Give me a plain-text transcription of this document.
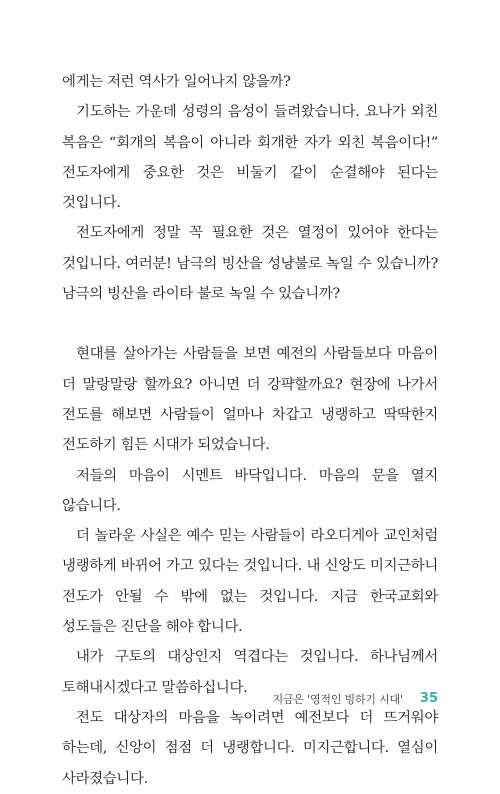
에게는 저런 역사가 일어나지 않을까?

기도하는 가운데 성령의 음성이 들려왔습니다. 요나가 외친 복음은 “회개의 복음이 아니라 회개한 자가 외친 복음이다!” 전도자에게 중요한 것은 비둘기 같이 순결해야 된다는 것입니다.

전도자에게 정말 꼭 필요한 것은 열정이 있어야 한다는 것입니다. 여러분! 남극의 빙산을 성냥불로 녹일 수 있습니까? 남극의 빙산을 라이타 불로 녹일 수 있습니까?

현대를 살아가는 사람들을 보면 예전의 사람들보다 마음이 더 말랑말랑 할까요? 아니면 더 강퍅할까요? 현장에 나가서 전도를 해보면 사람들이 얼마나 차갑고 냉랭하고 딱딱한지 전도하기 힘든 시대가 되었습니다.

저들의 마음이 시멘트 바닥입니다. 마음의 문을 열지 않습니다.

더 놀라운 사실은 예수 믿는 사람들이 라오디게아 교인처럼 냉랭하게 바뀌어 가고 있다는 것입니다. 내 신앙도 미지근하니 전도가 안될 수 밖에 없는 것입니다. 지금 한국교회와 성도들은 진단을 해야 합니다.

내가 구토의 대상인지 역겹다는 것입니다. 하나님께서 토해내시겠다고 말씀하십니다.

전도 대상자의 마음을 녹이려면 예전보다 더 뜨거워야 하는데, 신앙이 점점 더 냉랭합니다. 미지근합니다. 열심이 사라졌습니다.

지금은 '영적인 빙하기 시대' 35
